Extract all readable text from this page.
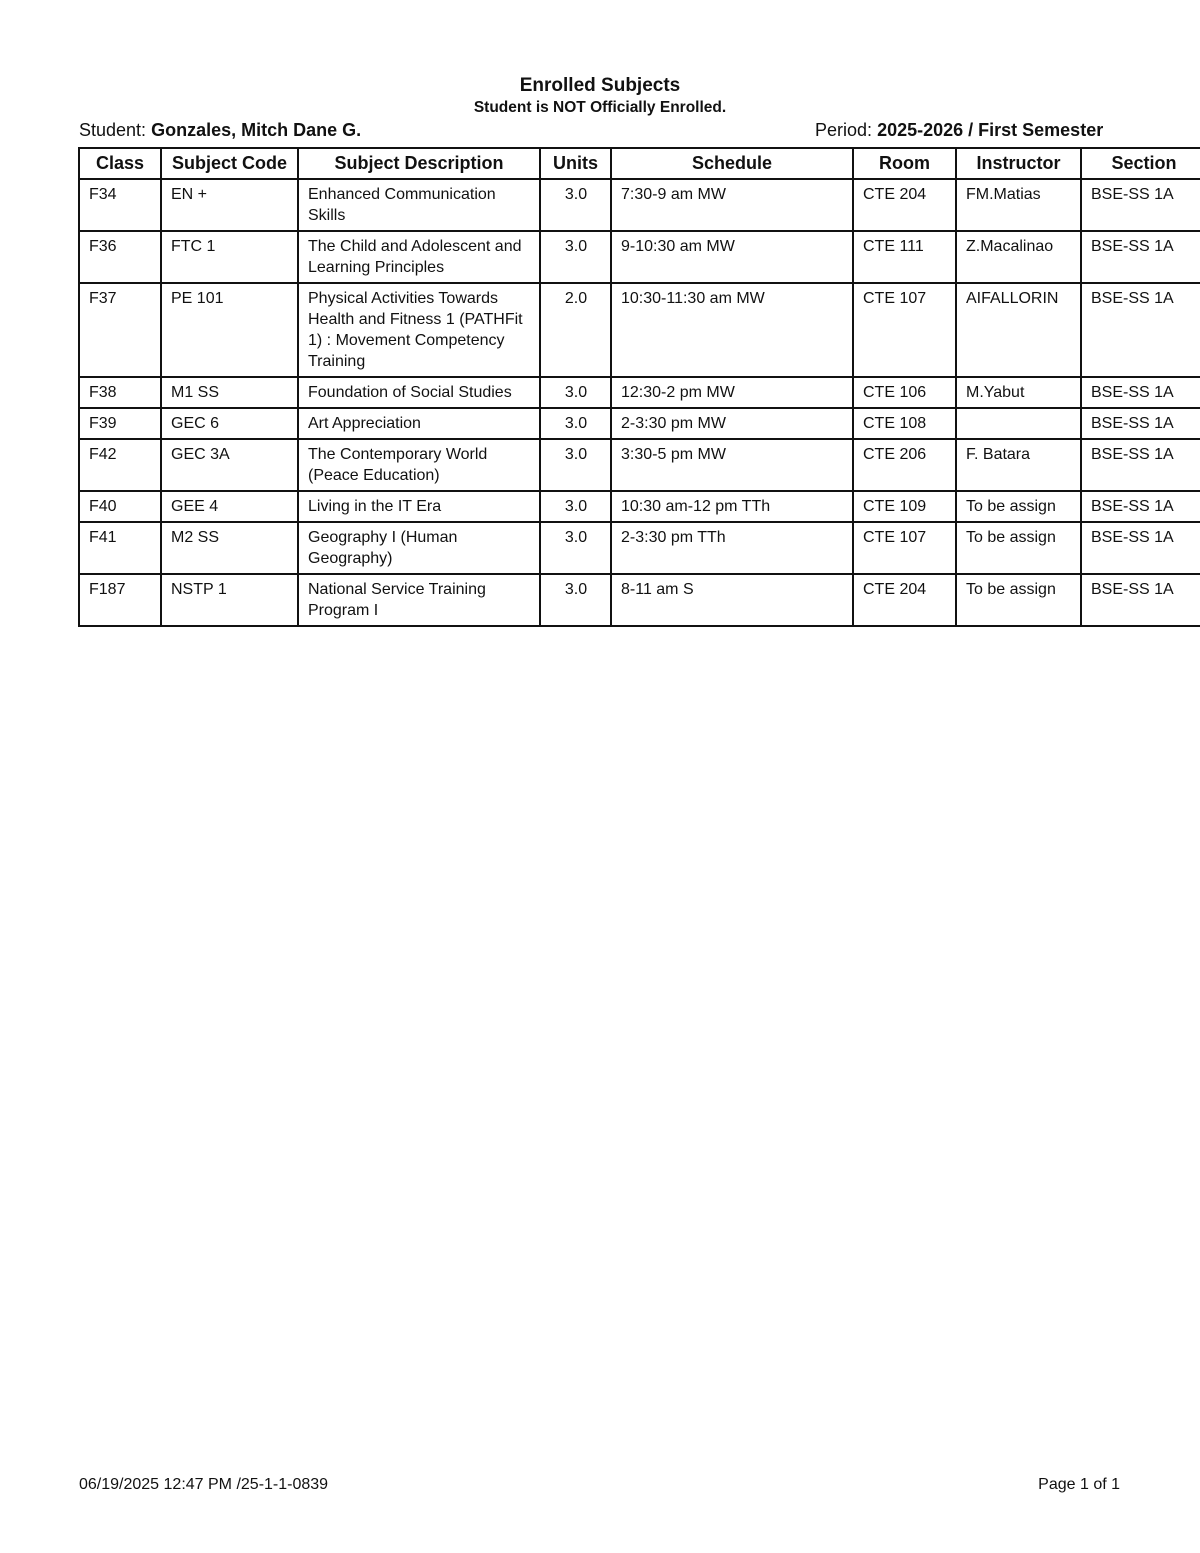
Enrolled Subjects
Student is NOT Officially Enrolled.
Student: Gonzales, Mitch Dane G.	Period: 2025-2026 / First Semester
Class	Subject Code	Subject Description	Units	Schedule	Room	Instructor	Section
F34	EN +	Enhanced Communication Skills	3.0	7:30-9 am MW	CTE 204	FM.Matias	BSE-SS 1A
F36	FTC 1	The Child and Adolescent and Learning Principles	3.0	9-10:30 am MW	CTE 111	Z.Macalinao	BSE-SS 1A
F37	PE 101	Physical Activities Towards Health and Fitness 1 (PATHFit 1) : Movement Competency Training	2.0	10:30-11:30 am MW	CTE 107	AIFALLORIN	BSE-SS 1A
F38	M1 SS	Foundation of Social Studies	3.0	12:30-2 pm MW	CTE 106	M.Yabut	BSE-SS 1A
F39	GEC 6	Art Appreciation	3.0	2-3:30 pm MW	CTE 108		BSE-SS 1A
F42	GEC 3A	The Contemporary World (Peace Education)	3.0	3:30-5 pm MW	CTE 206	F. Batara	BSE-SS 1A
F40	GEE 4	Living in the IT Era	3.0	10:30 am-12 pm TTh	CTE 109	To be assign	BSE-SS 1A
F41	M2 SS	Geography I (Human Geography)	3.0	2-3:30 pm TTh	CTE 107	To be assign	BSE-SS 1A
F187	NSTP 1	National Service Training Program I	3.0	8-11 am S	CTE 204	To be assign	BSE-SS 1A
06/19/2025 12:47 PM /25-1-1-0839	Page 1 of 1
